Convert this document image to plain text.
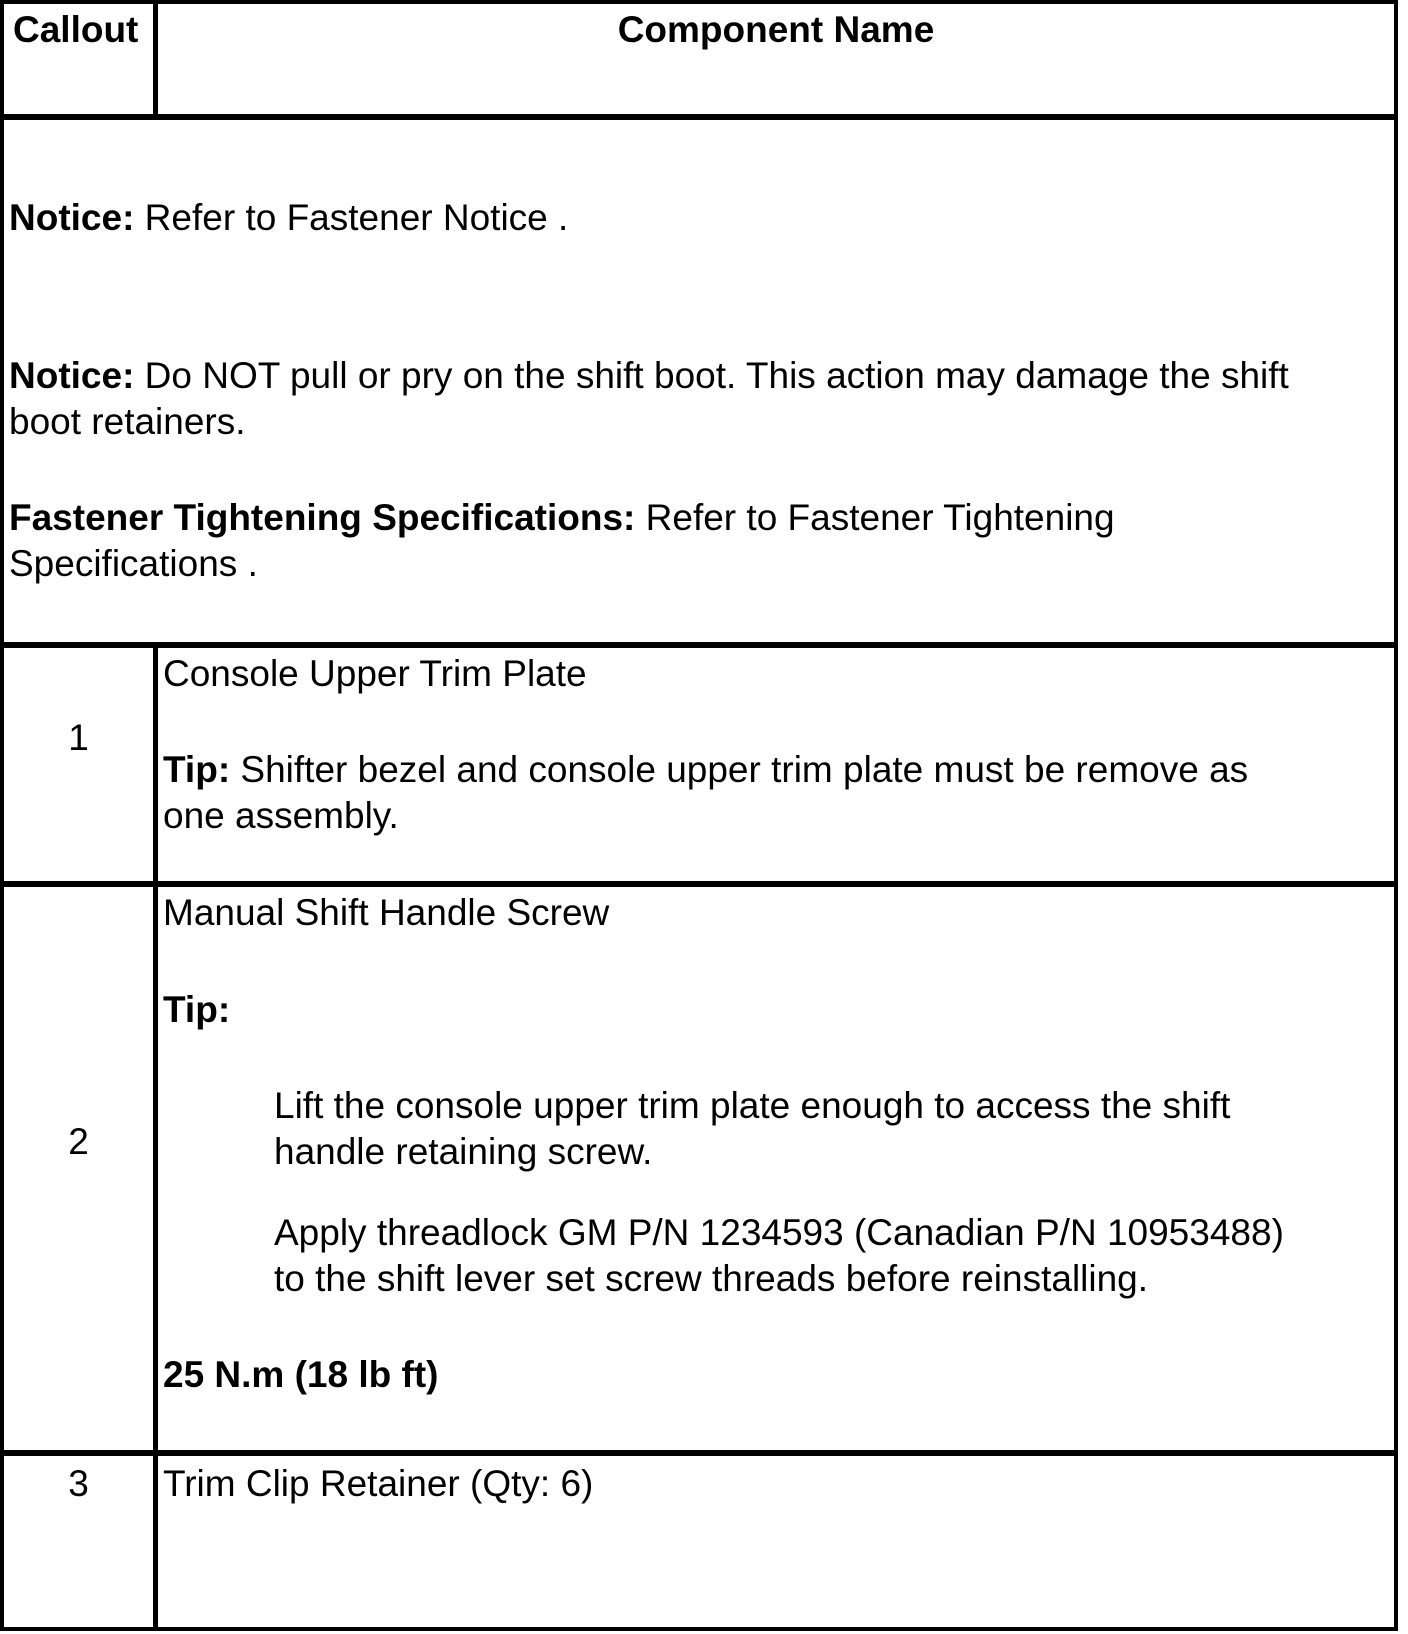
Callout	Component Name
Notice: Refer to Fastener Notice .
Notice: Do NOT pull or pry on the shift boot. This action may damage the shift
boot retainers.
Fastener Tightening Specifications: Refer to Fastener Tightening
Specifications .
1
Console Upper Trim Plate
Tip: Shifter bezel and console upper trim plate must be remove as
one assembly.
2
Manual Shift Handle Screw
Tip:
Lift the console upper trim plate enough to access the shift
handle retaining screw.
Apply threadlock GM P/N 1234593 (Canadian P/N 10953488)
to the shift lever set screw threads before reinstalling.
25 N.m (18 lb ft)
3	Trim Clip Retainer (Qty: 6)
